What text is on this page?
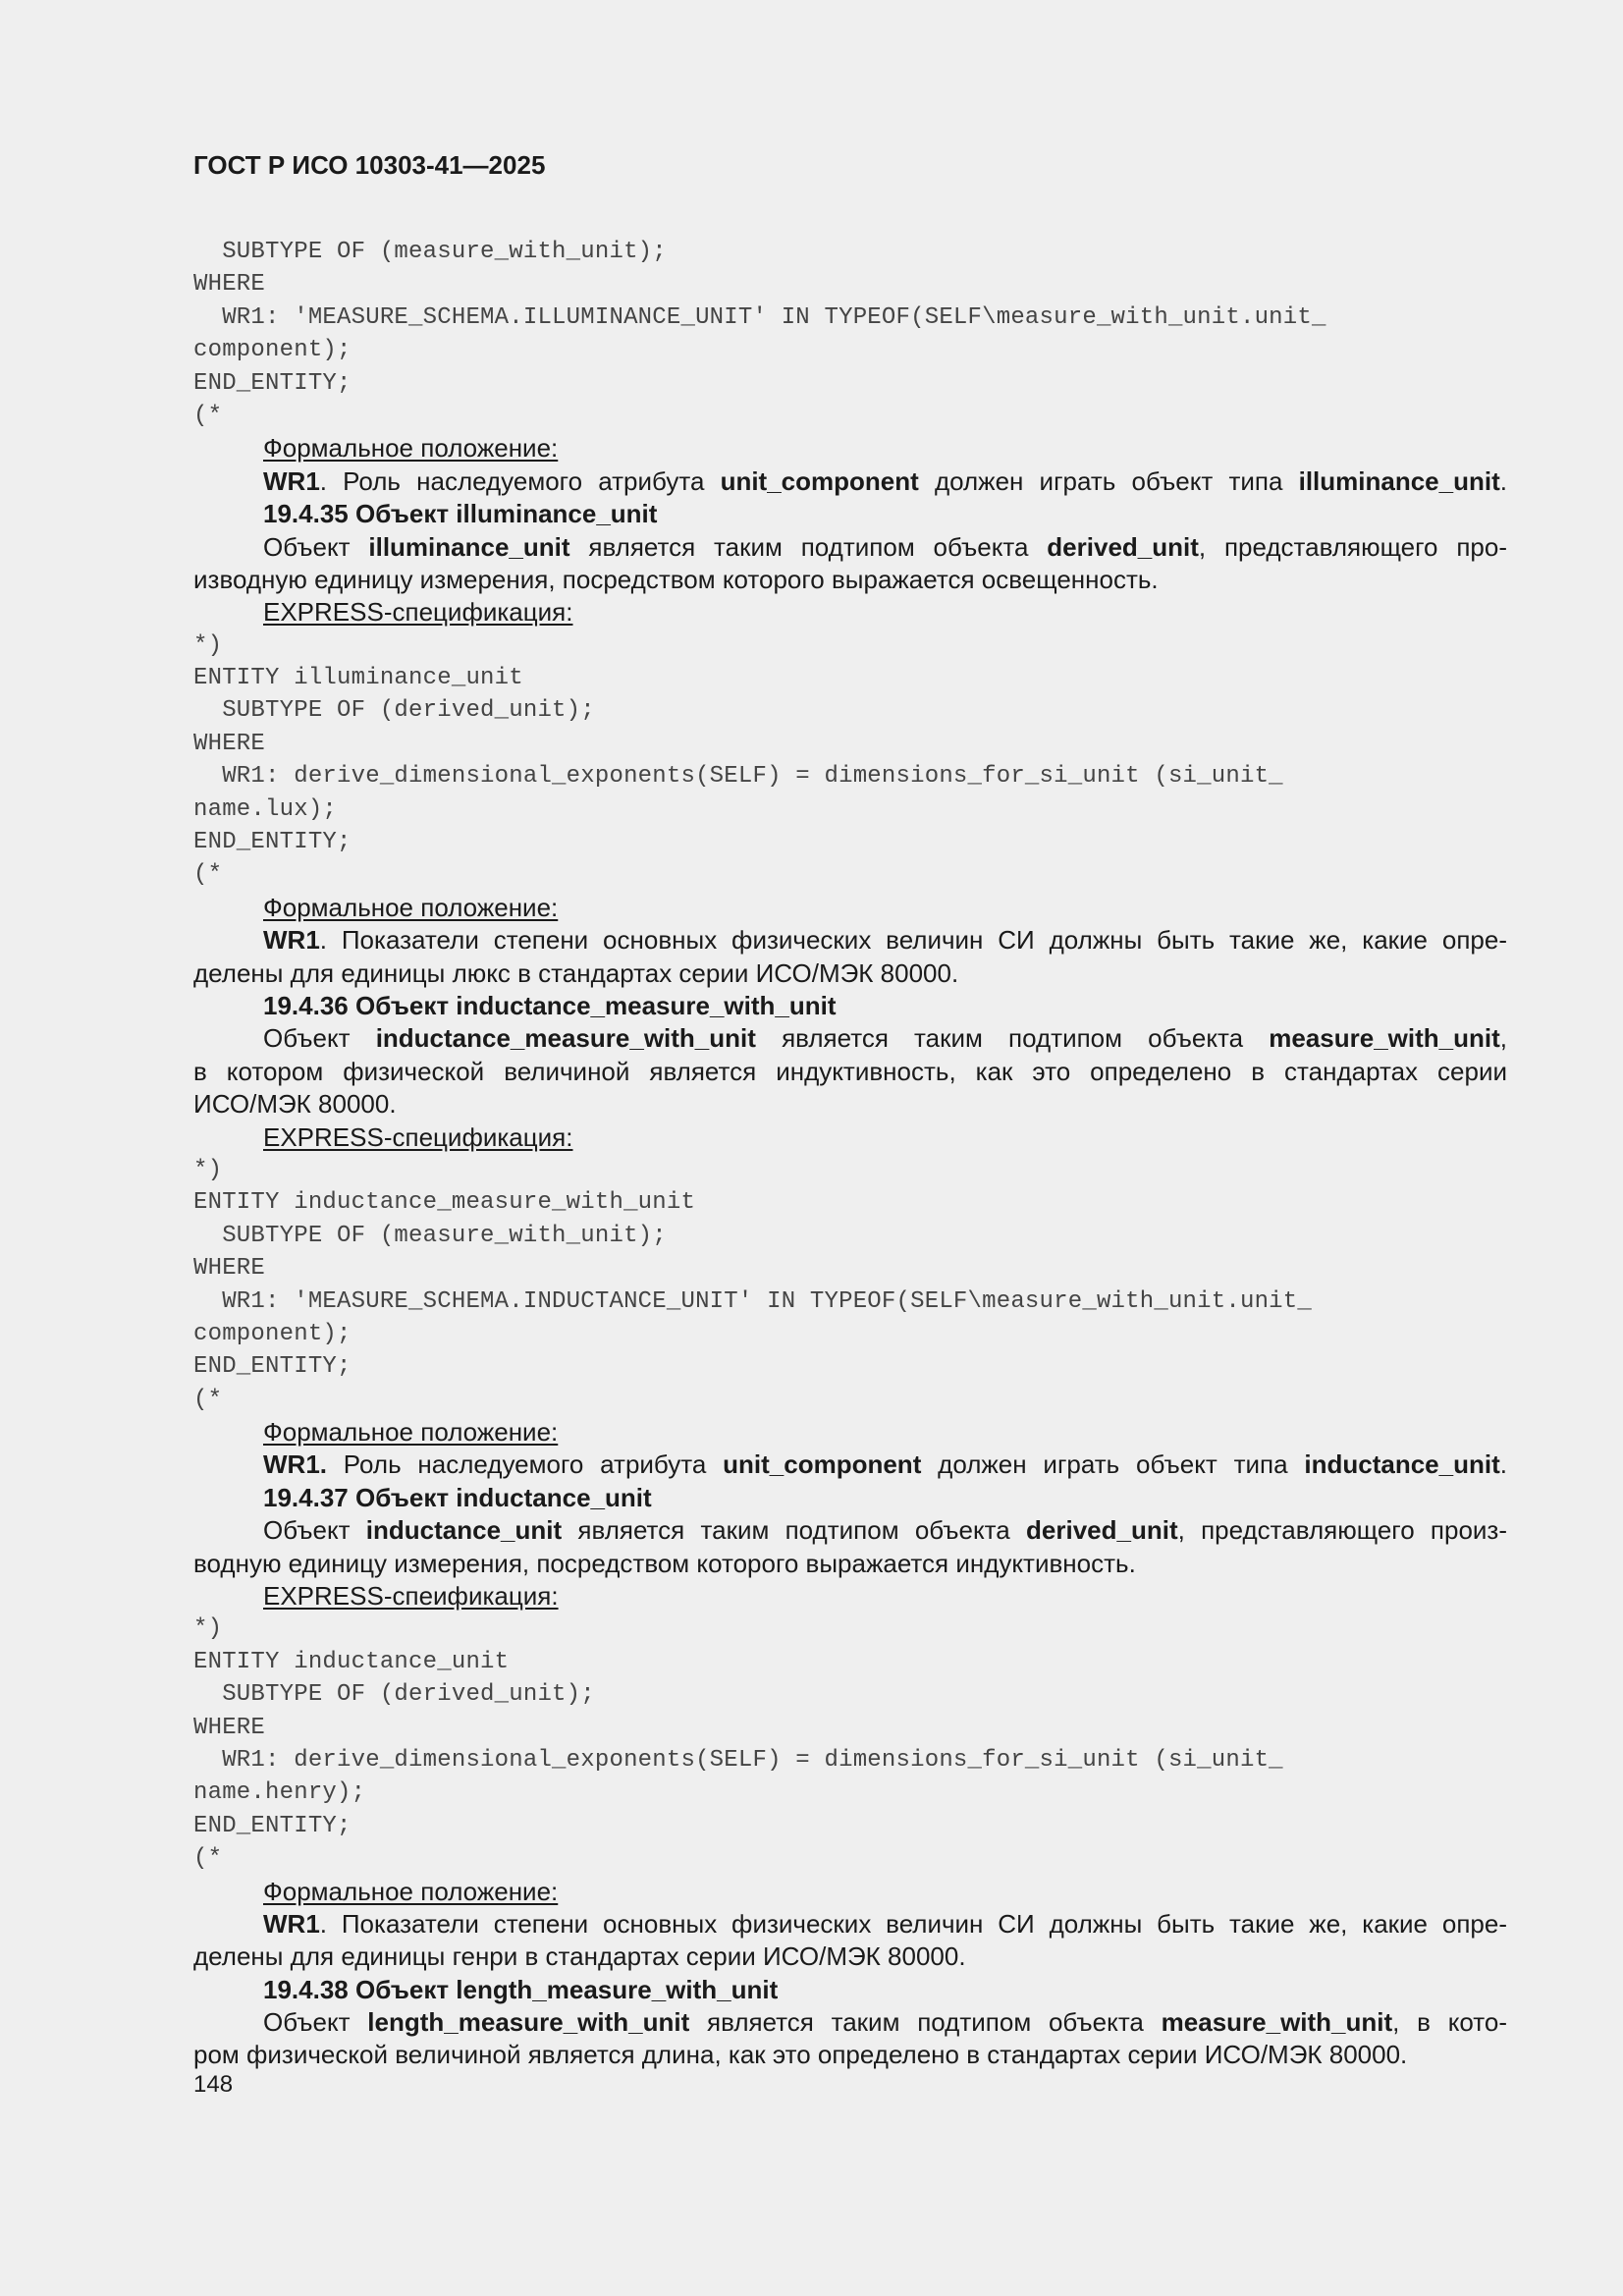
ГОСТ Р ИСО 10303-41—2025
SUBTYPE OF (measure_with_unit);
WHERE
WR1: 'MEASURE_SCHEMA.ILLUMINANCE_UNIT' IN TYPEOF(SELF\measure_with_unit.unit_
component);
END_ENTITY;
(*
Формальное положение:
WR1. Роль наследуемого атрибута unit_component должен играть объект типа illuminance_unit.
19.4.35 Объект illuminance_unit
Объект illuminance_unit является таким подтипом объекта derived_unit, представляющего про-
изводную единицу измерения, посредством которого выражается освещенность.
EXPRESS-спецификация:
*)
ENTITY illuminance_unit
SUBTYPE OF (derived_unit);
WHERE
WR1: derive_dimensional_exponents(SELF) = dimensions_for_si_unit (si_unit_
name.lux);
END_ENTITY;
(*
Формальное положение:
WR1. Показатели степени основных физических величин СИ должны быть такие же, какие опре-
делены для единицы люкс в стандартах серии ИСО/МЭК 80000.
19.4.36 Объект inductance_measure_with_unit
Объект inductance_measure_with_unit является таким подтипом объекта measure_with_unit,
в котором физической величиной является индуктивность, как это определено в стандартах серии
ИСО/МЭК 80000.
EXPRESS-спецификация:
*)
ENTITY inductance_measure_with_unit
SUBTYPE OF (measure_with_unit);
WHERE
WR1: 'MEASURE_SCHEMA.INDUCTANCE_UNIT' IN TYPEOF(SELF\measure_with_unit.unit_
component);
END_ENTITY;
(*
Формальное положение:
WR1. Роль наследуемого атрибута unit_component должен играть объект типа inductance_unit.
19.4.37 Объект inductance_unit
Объект inductance_unit является таким подтипом объекта derived_unit, представляющего произ-
водную единицу измерения, посредством которого выражается индуктивность.
EXPRESS-спеификация:
*)
ENTITY inductance_unit
SUBTYPE OF (derived_unit);
WHERE
WR1: derive_dimensional_exponents(SELF) = dimensions_for_si_unit (si_unit_
name.henry);
END_ENTITY;
(*
Формальное положение:
WR1. Показатели степени основных физических величин СИ должны быть такие же, какие опре-
делены для единицы генри в стандартах серии ИСО/МЭК 80000.
19.4.38 Объект length_measure_with_unit
Объект length_measure_with_unit является таким подтипом объекта measure_with_unit, в кото-
ром физической величиной является длина, как это определено в стандартах серии ИСО/МЭК 80000.
148
